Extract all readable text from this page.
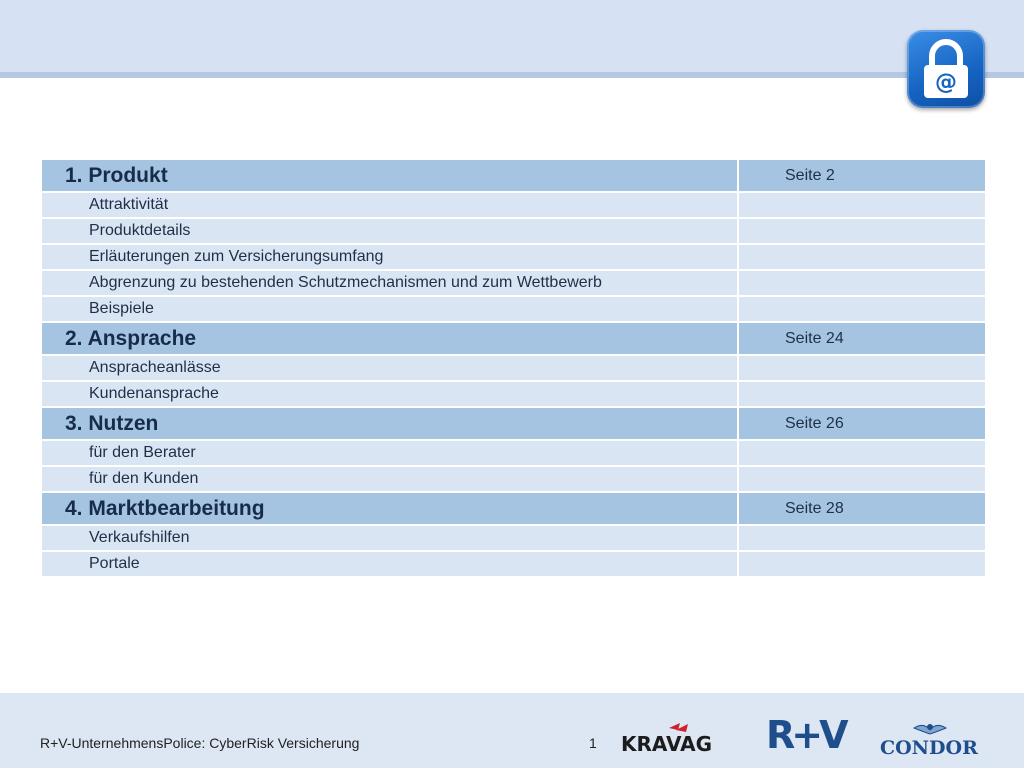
@
1. Produkt	Seite 2
Attraktivität	
Produktdetails	
Erläuterungen zum Versicherungsumfang	
Abgrenzung zu bestehenden Schutzmechanismen und zum Wettbewerb	
Beispiele	
2. Ansprache	Seite 24
Anspracheanlässe	
Kundenansprache	
3. Nutzen	Seite 26
für den Berater	
für den Kunden	
4. Marktbearbeitung	Seite 28
Verkaufshilfen	
Portale	
R+V-UnternehmensPolice: CyberRisk Versicherung	1 KRAVAG R+V CONDOR
